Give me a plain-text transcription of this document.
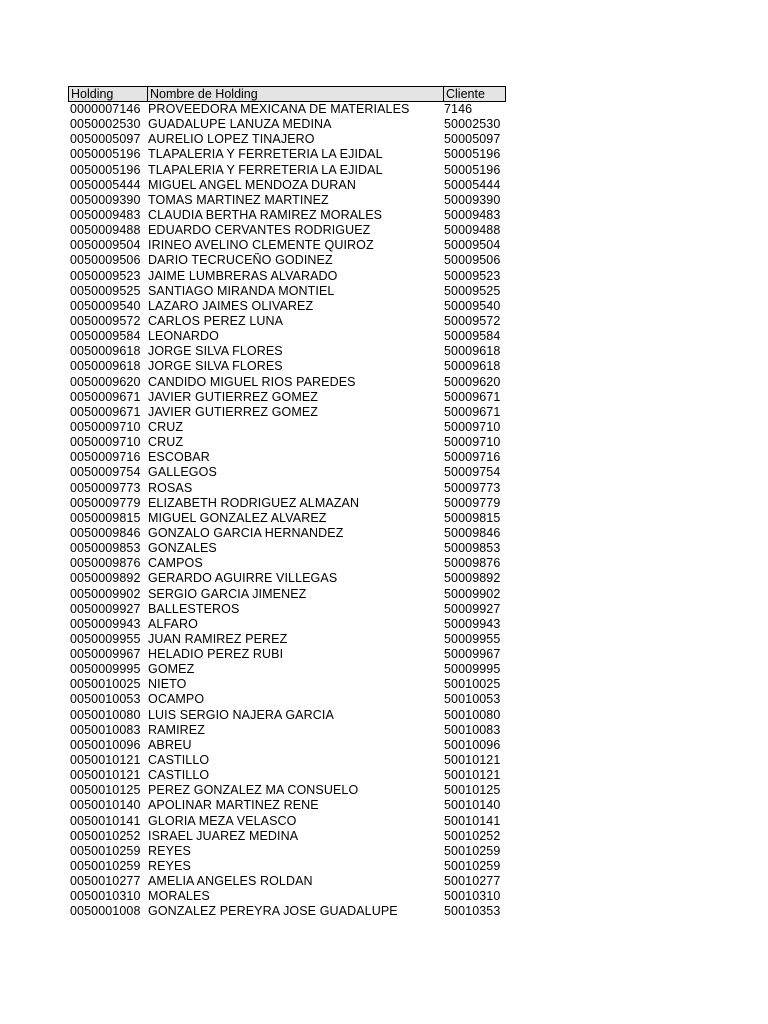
Holding	Nombre de Holding	Cliente
0000007146 PROVEEDORA MEXICANA DE MATERIALES	7146
0050002530 GUADALUPE LANUZA MEDINA	50002530
0050005097 AURELIO LOPEZ TINAJERO	50005097
0050005196 TLAPALERIA Y FERRETERIA LA EJIDAL	50005196
0050005196 TLAPALERIA Y FERRETERIA LA EJIDAL	50005196
0050005444 MIGUEL ANGEL MENDOZA DURAN	50005444
0050009390 TOMAS MARTINEZ MARTINEZ	50009390
0050009483 CLAUDIA BERTHA RAMIREZ MORALES	50009483
0050009488 EDUARDO CERVANTES RODRIGUEZ	50009488
0050009504 IRINEO AVELINO CLEMENTE QUIROZ	50009504
0050009506 DARIO TECRUCEÑO GODINEZ	50009506
0050009523 JAIME LUMBRERAS ALVARADO	50009523
0050009525 SANTIAGO MIRANDA MONTIEL	50009525
0050009540 LAZARO JAIMES OLIVAREZ	50009540
0050009572 CARLOS PEREZ LUNA	50009572
0050009584 LEONARDO	50009584
0050009618 JORGE SILVA FLORES	50009618
0050009618 JORGE SILVA FLORES	50009618
0050009620 CANDIDO MIGUEL RIOS PAREDES	50009620
0050009671 JAVIER GUTIERREZ GOMEZ	50009671
0050009671 JAVIER GUTIERREZ GOMEZ	50009671
0050009710 CRUZ	50009710
0050009710 CRUZ	50009710
0050009716 ESCOBAR	50009716
0050009754 GALLEGOS	50009754
0050009773 ROSAS	50009773
0050009779 ELIZABETH RODRIGUEZ ALMAZAN	50009779
0050009815 MIGUEL GONZALEZ ALVAREZ	50009815
0050009846 GONZALO GARCIA HERNANDEZ	50009846
0050009853 GONZALES	50009853
0050009876 CAMPOS	50009876
0050009892 GERARDO AGUIRRE VILLEGAS	50009892
0050009902 SERGIO GARCIA JIMENEZ	50009902
0050009927 BALLESTEROS	50009927
0050009943 ALFARO	50009943
0050009955 JUAN RAMIREZ PEREZ	50009955
0050009967 HELADIO PEREZ RUBI	50009967
0050009995 GOMEZ	50009995
0050010025 NIETO	50010025
0050010053 OCAMPO	50010053
0050010080 LUIS SERGIO NAJERA GARCIA	50010080
0050010083 RAMIREZ	50010083
0050010096 ABREU	50010096
0050010121 CASTILLO	50010121
0050010121 CASTILLO	50010121
0050010125 PEREZ GONZALEZ MA CONSUELO	50010125
0050010140 APOLINAR MARTINEZ RENE	50010140
0050010141 GLORIA MEZA VELASCO	50010141
0050010252 ISRAEL JUAREZ MEDINA	50010252
0050010259 REYES	50010259
0050010259 REYES	50010259
0050010277 AMELIA ANGELES ROLDAN	50010277
0050010310 MORALES	50010310
0050001008 GONZALEZ PEREYRA JOSE GUADALUPE	50010353
